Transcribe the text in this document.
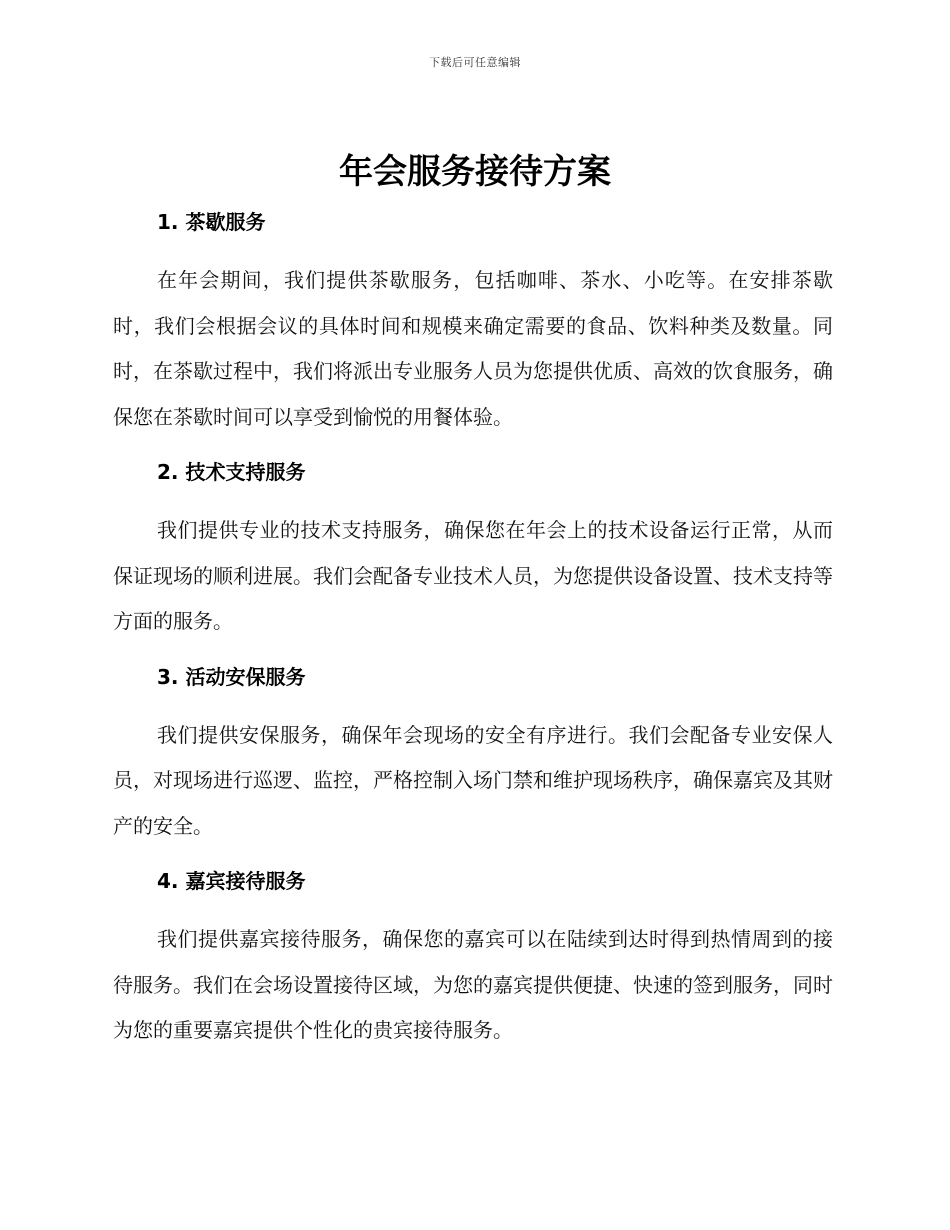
下载后可任意编辑
年会服务接待方案
1. 茶歇服务

在年会期间，我们提供茶歇服务，包括咖啡、茶水、小吃等。在安排茶歇时，我们会根据会议的具体时间和规模来确定需要的食品、饮料种类及数量。同时，在茶歇过程中，我们将派出专业服务人员为您提供优质、高效的饮食服务，确保您在茶歇时间可以享受到愉悦的用餐体验。

2. 技术支持服务

我们提供专业的技术支持服务，确保您在年会上的技术设备运行正常，从而保证现场的顺利进展。我们会配备专业技术人员，为您提供设备设置、技术支持等方面的服务。

3. 活动安保服务

我们提供安保服务，确保年会现场的安全有序进行。我们会配备专业安保人员，对现场进行巡逻、监控，严格控制入场门禁和维护现场秩序，确保嘉宾及其财产的安全。

4. 嘉宾接待服务

我们提供嘉宾接待服务，确保您的嘉宾可以在陆续到达时得到热情周到的接待服务。我们在会场设置接待区域，为您的嘉宾提供便捷、快速的签到服务，同时为您的重要嘉宾提供个性化的贵宾接待服务。
